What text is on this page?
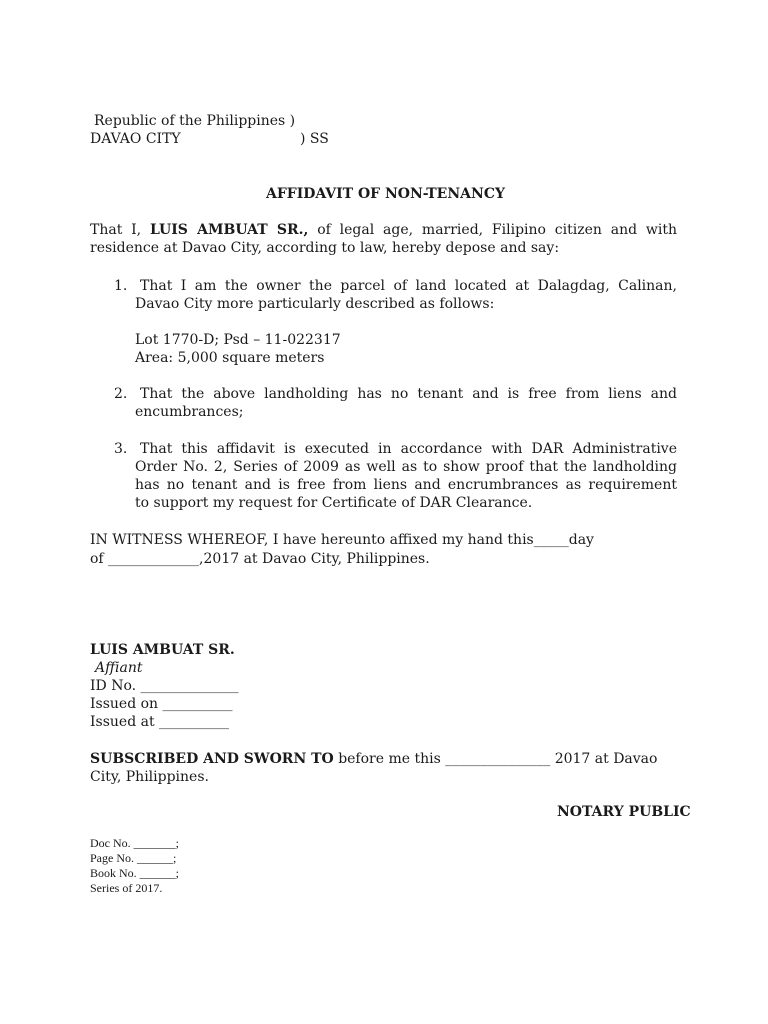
Republic of the Philippines )
DAVAO CITY	) SS
AFFIDAVIT OF NON-TENANCY
That I, LUIS AMBUAT SR., of legal age, married, Filipino citizen and with
residence at Davao City, according to law, hereby depose and say:
1. That I am the owner the parcel of land located at Dalagdag, Calinan,
Davao City more particularly described as follows:
Lot 1770-D; Psd – 11-022317
Area: 5,000 square meters
2. That the above landholding has no tenant and is free from liens and
encumbrances;
3. That this affidavit is executed in accordance with DAR Administrative
Order No. 2, Series of 2009 as well as to show proof that the landholding
has no tenant and is free from liens and encrumbrances as requirement
to support my request for Certificate of DAR Clearance.
IN WITNESS WHEREOF, I have hereunto affixed my hand this_____day
of _____________,2017 at Davao City, Philippines.
LUIS AMBUAT SR.
Affiant
ID No. ______________
Issued on __________
Issued at __________
SUBSCRIBED AND SWORN TO before me this _______________ 2017 at Davao
City, Philippines.
NOTARY PUBLIC
Doc No. _______;
Page No. ______;
Book No. ______;
Series of 2017.
